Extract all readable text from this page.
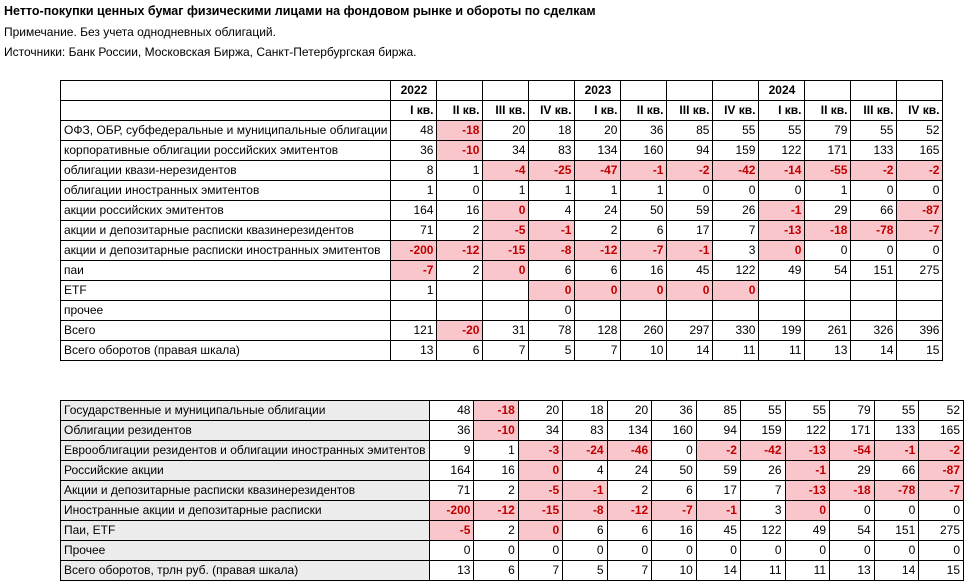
Нетто-покупки ценных бумаг физическими лицами на фондовом рынке и обороты по сделкам
Примечание. Без учета однодневных облигаций.
Источники: Банк России, Московская Биржа, Санкт-Петербургская биржа.
	2022				2023				2024			
	I кв.	II кв.	III кв.	IV кв.	I кв.	II кв.	III кв.	IV кв.	I кв.	II кв.	III кв.	IV кв.
ОФЗ, ОБР, субфедеральные и муниципальные облигации	48	-18	20	18	20	36	85	55	55	79	55	52
корпоративные облигации российских эмитентов	36	-10	34	83	134	160	94	159	122	171	133	165
облигации квази-нерезидентов	8	1	-4	-25	-47	-1	-2	-42	-14	-55	-2	-2
облигации иностранных эмитентов	1	0	1	1	1	1	0	0	0	1	0	0
акции российских эмитентов	164	16	0	4	24	50	59	26	-1	29	66	-87
акции и депозитарные расписки квазинерезидентов	71	2	-5	-1	2	6	17	7	-13	-18	-78	-7
акции и депозитарные расписки иностранных эмитентов	-200	-12	-15	-8	-12	-7	-1	3	0	0	0	0
паи	-7	2	0	6	6	16	45	122	49	54	151	275
ETF	1			0	0	0	0	0				
прочее				0								
Всего	121	-20	31	78	128	260	297	330	199	261	326	396
Всего оборотов (правая шкала)	13	6	7	5	7	10	14	11	11	13	14	15
Государственные и муниципальные облигации	48	-18	20	18	20	36	85	55	55	79	55	52
Облигации резидентов	36	-10	34	83	134	160	94	159	122	171	133	165
Еврооблигации резидентов и облигации иностранных эмитентов	9	1	-3	-24	-46	0	-2	-42	-13	-54	-1	-2
Российские акции	164	16	0	4	24	50	59	26	-1	29	66	-87
Акции и депозитарные расписки квазинерезидентов	71	2	-5	-1	2	6	17	7	-13	-18	-78	-7
Иностранные акции и депозитарные расписки	-200	-12	-15	-8	-12	-7	-1	3	0	0	0	0
Паи, ETF	-5	2	0	6	6	16	45	122	49	54	151	275
Прочее	0	0	0	0	0	0	0	0	0	0	0	0
Всего оборотов, трлн руб. (правая шкала)	13	6	7	5	7	10	14	11	11	13	14	15
